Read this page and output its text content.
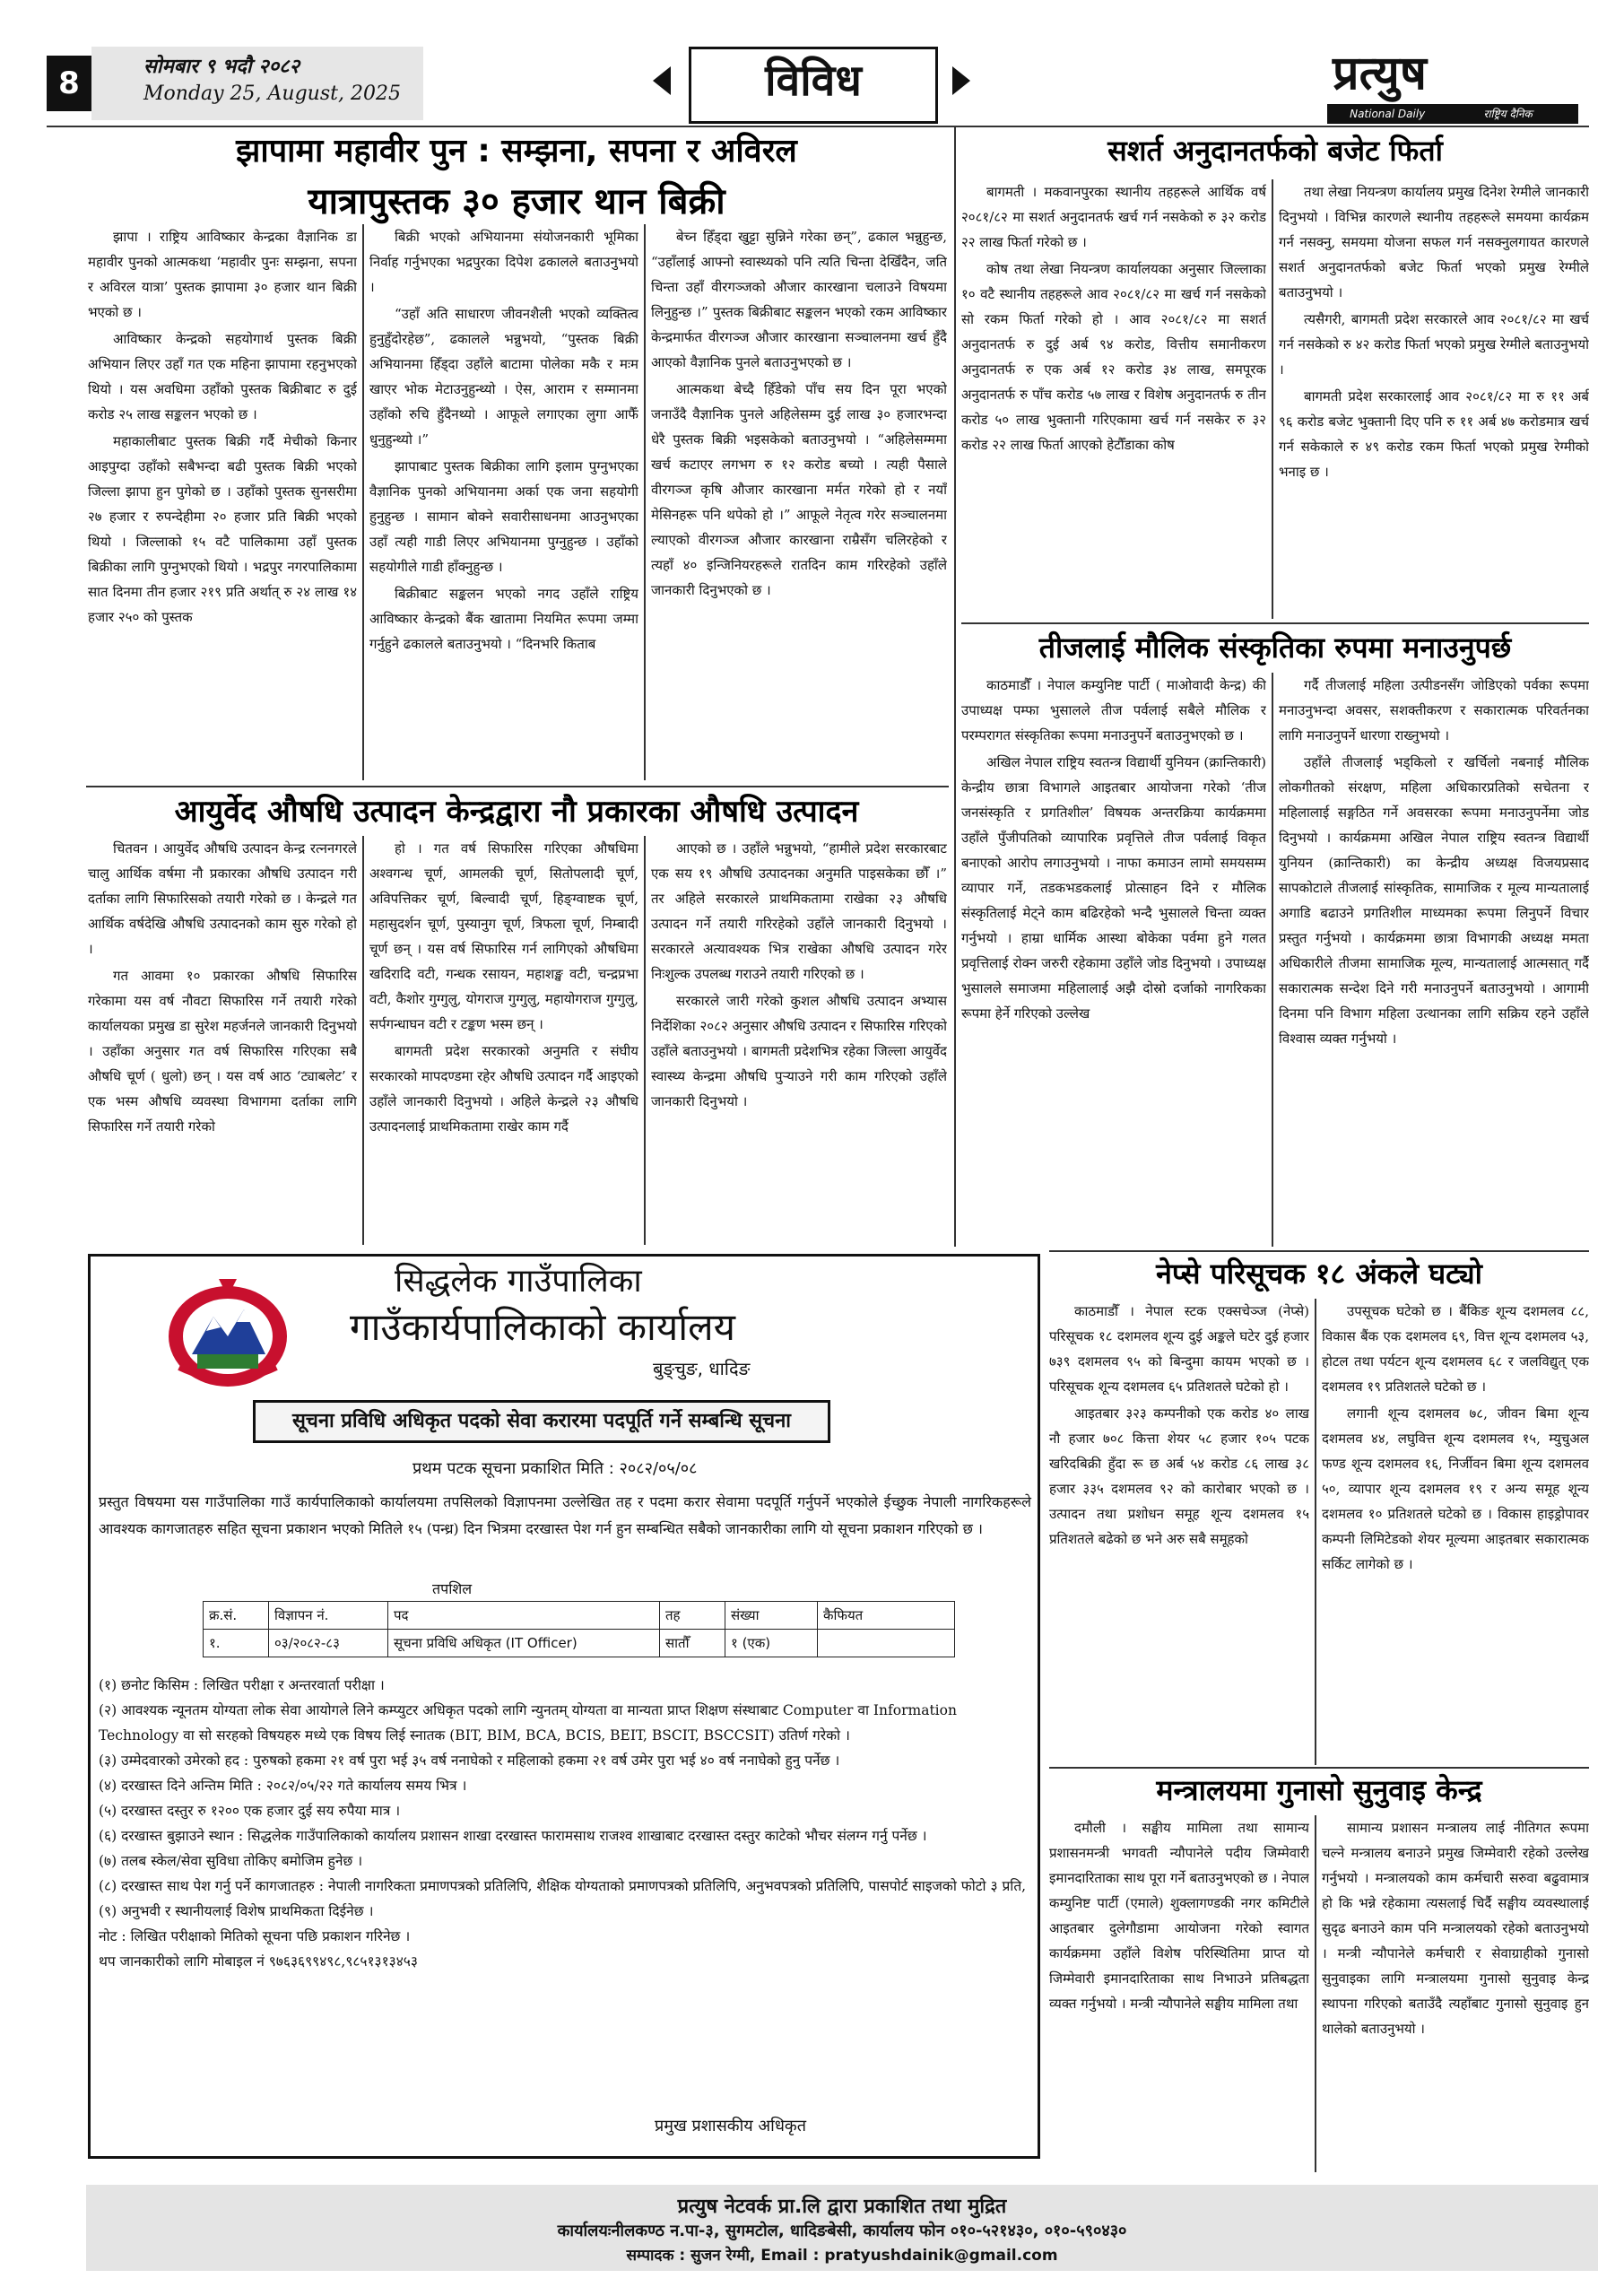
8	सोमबार ९ भदौ २०८२
Monday 25, August, 2025	विविध	प्रत्युष
National Daily	राष्ट्रिय दैनिक
झापामा महावीर पुन : सम्झना, सपना र अविरल
यात्रापुस्तक ३० हजार थान बिक्री

झापा । राष्ट्रिय आविष्कार केन्द्रका वैज्ञानिक डा महावीर पुनको आत्मकथा ‘महावीर पुनः सम्झना, सपना र अविरल यात्रा’ पुस्तक झापामा ३० हजार थान बिक्री भएको छ ।

आविष्कार केन्द्रको सहयोगार्थ पुस्तक बिक्री अभियान लिएर उहाँ गत एक महिना झापामा रहनुभएको थियो । यस अवधिमा उहाँको पुस्तक बिक्रीबाट रु दुई करोड २५ लाख सङ्कलन भएको छ ।

महाकालीबाट पुस्तक बिक्री गर्दै मेचीको किनार आइपुग्दा उहाँको सबैभन्दा बढी पुस्तक बिक्री भएको जिल्ला झापा हुन पुगेको छ । उहाँको पुस्तक सुनसरीमा २७ हजार र रुपन्देहीमा २० हजार प्रति बिक्री भएको थियो । जिल्लाको १५ वटै पालिकामा उहाँ पुस्तक बिक्रीका लागि पुग्नुभएको थियो । भद्रपुर नगरपालिकामा सात दिनमा तीन हजार २१९ प्रति अर्थात् रु २४ लाख १४ हजार २५० को पुस्तक

बिक्री भएको अभियानमा संयोजनकारी भूमिका निर्वाह गर्नुभएका भद्रपुरका दिपेश ढकालले बताउनुभयो ।

“उहाँ अति साधारण जीवनशैली भएको व्यक्तित्व हुनुहुँदोरहेछ”, ढकालले भन्नुभयो, “पुस्तक बिक्री अभियानमा हिँड्दा उहाँले बाटामा पोलेका मकै र मःम खाएर भोक मेटाउनुहुन्थ्यो । ऐस, आराम र सम्मानमा उहाँको रुचि हुँदैनथ्यो । आफूले लगाएका लुगा आफैँ धुनुहुन्थ्यो ।”

झापाबाट पुस्तक बिक्रीका लागि इलाम पुग्नुभएका वैज्ञानिक पुनको अभियानमा अर्का एक जना सहयोगी हुनुहुन्छ । सामान बोक्ने सवारीसाधनमा आउनुभएका उहाँ त्यही गाडी लिएर अभियानमा पुग्नुहुन्छ । उहाँको सहयोगीले गाडी हाँक्नुहुन्छ ।

बिक्रीबाट सङ्कलन भएको नगद उहाँले राष्ट्रिय आविष्कार केन्द्रको बैंक खातामा नियमित रूपमा जम्मा गर्नुहुने ढकालले बताउनुभयो । “दिनभरि किताब

बेच्न हिँड्दा खुट्टा सुन्निने गरेका छन्”, ढकाल भन्नुहुन्छ, “उहाँलाई आफ्नो स्वास्थ्यको पनि त्यति चिन्ता देखिँदैन, जति चिन्ता उहाँ वीरगञ्जको औजार कारखाना चलाउने विषयमा लिनुहुन्छ ।” पुस्तक बिक्रीबाट सङ्कलन भएको रकम आविष्कार केन्द्रमार्फत वीरगञ्ज औजार कारखाना सञ्चालनमा खर्च हुँदै आएको वैज्ञानिक पुनले बताउनुभएको छ ।

आत्मकथा बेच्दै हिँडेको पाँच सय दिन पूरा भएको जनाउँदै वैज्ञानिक पुनले अहिलेसम्म दुई लाख ३० हजारभन्दा धेरै पुस्तक बिक्री भइसकेको बताउनुभयो । “अहिलेसम्ममा खर्च कटाएर लगभग रु १२ करोड बच्यो । त्यही पैसाले वीरगञ्ज कृषि औजार कारखाना मर्मत गरेको हो र नयाँ मेसिनहरू पनि थपेको हो ।” आफूले नेतृत्व गरेर सञ्चालनमा ल्याएको वीरगञ्ज औजार कारखाना राम्रैसँग चलिरहेको र त्यहाँ ४० इन्जिनियरहरूले रातदिन काम गरिरहेको उहाँले जानकारी दिनुभएको छ ।

सशर्त अनुदानतर्फको बजेट फिर्ता

बागमती । मकवानपुरका स्थानीय तहहरूले आर्थिक वर्ष २०८१/८२ मा सशर्त अनुदानतर्फ खर्च गर्न नसकेको रु ३२ करोड २२ लाख फिर्ता गरेको छ ।

कोष तथा लेखा नियन्त्रण कार्यालयका अनुसार जिल्लाका १० वटै स्थानीय तहहरूले आव २०८१/८२ मा खर्च गर्न नसकेको सो रकम फिर्ता गरेको हो । आव २०८१/८२ मा सशर्त अनुदानतर्फ रु दुई अर्ब ९४ करोड, वित्तीय समानीकरण अनुदानतर्फ रु एक अर्ब १२ करोड ३४ लाख, समपूरक अनुदानतर्फ रु पाँच करोड ५७ लाख र विशेष अनुदानतर्फ रु तीन करोड ५० लाख भुक्तानी गरिएकामा खर्च गर्न नसकेर रु ३२ करोड २२ लाख फिर्ता आएको हेटौँडाका कोष

तथा लेखा नियन्त्रण कार्यालय प्रमुख दिनेश रेग्मीले जानकारी दिनुभयो । विभिन्न कारणले स्थानीय तहहरूले समयमा कार्यक्रम गर्न नसक्नु, समयमा योजना सफल गर्न नसक्नुलगायत कारणले सशर्त अनुदानतर्फको बजेट फिर्ता भएको प्रमुख रेग्मीले बताउनुभयो ।

त्यसैगरी, बागमती प्रदेश सरकारले आव २०८१/८२ मा खर्च गर्न नसकेको रु ४२ करोड फिर्ता भएको प्रमुख रेग्मीले बताउनुभयो ।

बागमती प्रदेश सरकारलाई आव २०८१/८२ मा रु ११ अर्ब ९६ करोड बजेट भुक्तानी दिए पनि रु ११ अर्ब ४७ करोडमात्र खर्च गर्न सकेकाले रु ४९ करोड रकम फिर्ता भएको प्रमुख रेग्मीको भनाइ छ ।

तीजलाई मौलिक संस्कृतिका रुपमा मनाउनुपर्छ

काठमाडौँ । नेपाल कम्युनिष्ट पार्टी ( माओवादी केन्द्र) की उपाध्यक्ष पम्फा भुसालले तीज पर्वलाई सबैले मौलिक र परम्परागत संस्कृतिका रूपमा मनाउनुपर्ने बताउनुभएको छ ।

अखिल नेपाल राष्ट्रिय स्वतन्त्र विद्यार्थी युनियन (क्रान्तिकारी) केन्द्रीय छात्रा विभागले आइतबार आयोजना गरेको ‘तीज जनसंस्कृति र प्रगतिशील’ विषयक अन्तरक्रिया कार्यक्रममा उहाँले पुँजीपतिको व्यापारिक प्रवृत्तिले तीज पर्वलाई विकृत बनाएको आरोप लगाउनुभयो । नाफा कमाउन लामो समयसम्म व्यापार गर्ने, तडकभडकलाई प्रोत्साहन दिने र मौलिक संस्कृतिलाई मेट्ने काम बढिरहेको भन्दै भुसालले चिन्ता व्यक्त गर्नुभयो । हाम्रा धार्मिक आस्था बोकेका पर्वमा हुने गलत प्रवृत्तिलाई रोक्न जरुरी रहेकामा उहाँले जोड दिनुभयो । उपाध्यक्ष भुसालले समाजमा महिलालाई अझै दोस्रो दर्जाको नागरिकका रूपमा हेर्ने गरिएको उल्लेख

गर्दै तीजलाई महिला उत्पीडनसँग जोडिएको पर्वका रूपमा मनाउनुभन्दा अवसर, सशक्तीकरण र सकारात्मक परिवर्तनका लागि मनाउनुपर्ने धारणा राख्नुभयो ।

उहाँले तीजलाई भड्किलो र खर्चिलो नबनाई मौलिक लोकगीतको संरक्षण, महिला अधिकारप्रतिको सचेतना र महिलालाई सङ्गठित गर्ने अवसरका रूपमा मनाउनुपर्नेमा जोड दिनुभयो । कार्यक्रममा अखिल नेपाल राष्ट्रिय स्वतन्त्र विद्यार्थी युनियन (क्रान्तिकारी) का केन्द्रीय अध्यक्ष विजयप्रसाद सापकोटाले तीजलाई सांस्कृतिक, सामाजिक र मूल्य मान्यतालाई अगाडि बढाउने प्रगतिशील माध्यमका रूपमा लिनुपर्ने विचार प्रस्तुत गर्नुभयो । कार्यक्रममा छात्रा विभागकी अध्यक्ष ममता अधिकारीले तीजमा सामाजिक मूल्य, मान्यतालाई आत्मसात् गर्दै सकारात्मक सन्देश दिने गरी मनाउनुपर्ने बताउनुभयो । आगामी दिनमा पनि विभाग महिला उत्थानका लागि सक्रिय रहने उहाँले विश्वास व्यक्त गर्नुभयो ।

आयुर्वेद औषधि उत्पादन केन्द्रद्वारा नौ प्रकारका औषधि उत्पादन

चितवन । आयुर्वेद औषधि उत्पादन केन्द्र रत्ननगरले चालु आर्थिक वर्षमा नौ प्रकारका औषधि उत्पादन गरी दर्ताका लागि सिफारिसको तयारी गरेको छ । केन्द्रले गत आर्थिक वर्षदेखि औषधि उत्पादनको काम सुरु गरेको हो ।

गत आवमा १० प्रकारका औषधि सिफारिस गरेकामा यस वर्ष नौवटा सिफारिस गर्ने तयारी गरेको कार्यालयका प्रमुख डा सुरेश महर्जनले जानकारी दिनुभयो । उहाँका अनुसार गत वर्ष सिफारिस गरिएका सबै औषधि चूर्ण ( धुलो) छन् । यस वर्ष आठ ‘ट्याबलेट’ र एक भस्म औषधि व्यवस्था विभागमा दर्ताका लागि सिफारिस गर्ने तयारी गरेको

हो । गत वर्ष सिफारिस गरिएका औषधिमा अश्वगन्ध चूर्ण, आमलकी चूर्ण, सितोपलादी चूर्ण, अविपत्तिकर चूर्ण, बिल्वादी चूर्ण, हिङ्ग्वाष्टक चूर्ण, महासुदर्शन चूर्ण, पुस्यानुग चूर्ण, त्रिफला चूर्ण, निम्बादी चूर्ण छन् । यस वर्ष सिफारिस गर्न लागिएको औषधिमा खदिरादि वटी, गन्धक रसायन, महाशङ्ख वटी, चन्द्रप्रभा वटी, कैशोर गुग्गुलु, योगराज गुग्गुलु, महायोगराज गुग्गुलु, सर्पगन्धाघन वटी र टङ्कण भस्म छन् ।

बागमती प्रदेश सरकारको अनुमति र संघीय सरकारको मापदण्डमा रहेर औषधि उत्पादन गर्दै आइएको उहाँले जानकारी दिनुभयो । अहिले केन्द्रले २३ औषधि उत्पादनलाई प्राथमिकतामा राखेर काम गर्दै

आएको छ । उहाँले भन्नुभयो, “हामीले प्रदेश सरकारबाट एक सय १९ औषधि उत्पादनका अनुमति पाइसकेका छौँ ।” तर अहिले सरकारले प्राथमिकतामा राखेका २३ औषधि उत्पादन गर्ने तयारी गरिरहेको उहाँले जानकारी दिनुभयो । सरकारले अत्यावश्यक भित्र राखेका औषधि उत्पादन गरेर निःशुल्क उपलब्ध गराउने तयारी गरिएको छ ।

सरकारले जारी गरेको कुशल औषधि उत्पादन अभ्यास निर्देशिका २०८२ अनुसार औषधि उत्पादन र सिफारिस गरिएको उहाँले बताउनुभयो । बागमती प्रदेशभित्र रहेका जिल्ला आयुर्वेद स्वास्थ्य केन्द्रमा औषधि पुर्‍याउने गरी काम गरिएको उहाँले जानकारी दिनुभयो ।

नेप्से परिसूचक १८ अंकले घट्यो

काठमाडौँ । नेपाल स्टक एक्सचेञ्ज (नेप्से) परिसूचक १८ दशमलव शून्य दुई अङ्कले घटेर दुई हजार ७३९ दशमलव ९५ को बिन्दुमा कायम भएको छ । परिसूचक शून्य दशमलव ६५ प्रतिशतले घटेको हो ।

आइतबार ३२३ कम्पनीको एक करोड ४० लाख नौ हजार ७०८ कित्ता शेयर ५८ हजार १०५ पटक खरिदबिक्री हुँदा रू छ अर्ब ५४ करोड ८६ लाख ३८ हजार ३३५ दशमलव ९२ को कारोबार भएको छ । उत्पादन तथा प्रशोधन समूह शून्य दशमलव १५ प्रतिशतले बढेको छ भने अरु सबै समूहको

उपसूचक घटेको छ । बैंकिङ शून्य दशमलव ८८, विकास बैंक एक दशमलव ६९, वित्त शून्य दशमलव ५३, होटल तथा पर्यटन शून्य दशमलव ६८ र जलविद्युत् एक दशमलव १९ प्रतिशतले घटेको छ ।

लगानी शून्य दशमलव ७८, जीवन बिमा शून्य दशमलव ४४, लघुवित्त शून्य दशमलव १५, म्युचुअल फण्ड शून्य दशमलव १६, निर्जीवन बिमा शून्य दशमलव ५०, व्यापार शून्य दशमलव १९ र अन्य समूह शून्य दशमलव १० प्रतिशतले घटेको छ । विकास हाइड्रोपावर कम्पनी लिमिटेडको शेयर मूल्यमा आइतबार सकारात्मक सर्किट लागेको छ ।

मन्त्रालयमा गुनासो सुनुवाइ केन्द्र

दमौली । सङ्घीय मामिला तथा सामान्य प्रशासनमन्त्री भगवती न्यौपानेले पदीय जिम्मेवारी इमानदारिताका साथ पूरा गर्ने बताउनुभएको छ । नेपाल कम्युनिष्ट पार्टी (एमाले) शुक्लागण्डकी नगर कमिटीले आइतबार दुलेगौडामा आयोजना गरेको स्वागत कार्यक्रममा उहाँले विशेष परिस्थितिमा प्राप्त यो जिम्मेवारी इमानदारिताका साथ निभाउने प्रतिबद्धता व्यक्त गर्नुभयो । मन्त्री न्यौपानेले सङ्घीय मामिला तथा

सामान्य प्रशासन मन्त्रालय लाई नीतिगत रूपमा चल्ने मन्त्रालय बनाउने प्रमुख जिम्मेवारी रहेको उल्लेख गर्नुभयो । मन्त्रालयको काम कर्मचारी सरुवा बढुवामात्र हो कि भन्ने रहेकामा त्यसलाई चिर्दै सङ्घीय व्यवस्थालाई सुदृढ बनाउने काम पनि मन्त्रालयको रहेको बताउनुभयो । मन्त्री न्यौपानेले कर्मचारी र सेवाग्राहीको गुनासो सुनुवाइका लागि मन्त्रालयमा गुनासो सुनुवाइ केन्द्र स्थापना गरिएको बताउँदै त्यहाँबाट गुनासो सुनुवाइ हुन थालेको बताउनुभयो ।

सिद्धलेक गाउँपालिका
गाउँकार्यपालिकाको कार्यालय
बुङ्चुङ, धादिङ
सूचना प्रविधि अधिकृत पदको सेवा करारमा पदपूर्ति गर्ने सम्बन्धि सूचना
प्रथम पटक सूचना प्रकाशित मिति : २०८२/०५/०८
प्रस्तुत विषयमा यस गाउँपालिका गाउँ कार्यपालिकाको कार्यालयमा तपसिलको विज्ञापनमा उल्लेखित तह र पदमा करार सेवामा पदपूर्ति गर्नुपर्ने भएकोले ईच्छुक नेपाली नागरिकहरूले आवश्यक कागजातहरु सहित सूचना प्रकाशन भएको मितिले १५ (पन्ध्र) दिन भित्रमा दरखास्त पेश गर्न हुन सम्बन्धित सबैको जानकारीका लागि यो सूचना प्रकाशन गरिएको छ ।
तपशिल
क्र.सं.	विज्ञापन नं.	पद	तह	संख्या	कैफियत
१.	०३/२०८२-८३	सूचना प्रविधि अधिकृत (IT Officer)	सातौँ	१ (एक)	
(१) छनोट किसिम : लिखित परीक्षा र अन्तरवार्ता परीक्षा ।
(२) आवश्यक न्यूनतम योग्यता लोक सेवा आयोगले लिने कम्प्युटर अधिकृत पदको लागि न्युनतम् योग्यता वा मान्यता प्राप्त शिक्षण संस्थाबाट Computer वा Information Technology वा सो सरहको विषयहरु मध्ये एक विषय लिई स्नातक (BIT, BIM, BCA, BCIS, BEIT, BSCIT, BSCCSIT) उतिर्ण गरेको ।
(३) उम्मेदवारको उमेरको हद : पुरुषको हकमा २१ वर्ष पुरा भई ३५ वर्ष ननाघेको र महिलाको हकमा २१ वर्ष उमेर पुरा भई ४० वर्ष ननाघेको हुनु पर्नेछ ।
(४) दरखास्त दिने अन्तिम मिति : २०८२/०५/२२ गते कार्यालय समय भित्र ।
(५) दरखास्त दस्तुर रु १२०० एक हजार दुई सय रुपैया मात्र ।
(६) दरखास्त बुझाउने स्थान : सिद्धलेक गाउँपालिकाको कार्यालय प्रशासन शाखा दरखास्त फारामसाथ राजश्व शाखाबाट दरखास्त दस्तुर काटेको भौचर संलग्न गर्नु पर्नेछ ।
(७) तलब स्केल/सेवा सुविधा तोकिए बमोजिम हुनेछ ।
(८) दरखास्त साथ पेश गर्नु पर्ने कागजातहरु : नेपाली नागरिकता प्रमाणपत्रको प्रतिलिपि, शैक्षिक योग्यताको प्रमाणपत्रको प्रतिलिपि, अनुभवपत्रको प्रतिलिपि, पासपोर्ट साइजको फोटो ३ प्रति,
(९) अनुभवी र स्थानीयलाई विशेष प्राथमिकता दिईनेछ ।
नोट : लिखित परीक्षाको मितिको सूचना पछि प्रकाशन गरिनेछ ।
थप जानकारीको लागि मोबाइल नं ९७६३६९९४९८,९८५१३१३४५३
प्रमुख प्रशासकीय अधिकृत
प्रत्युष नेटवर्क प्रा.लि द्वारा प्रकाशित तथा मुद्रित
कार्यालयःनीलकण्ठ न.पा-३, सुगमटोल, धादिङबेसी, कार्यालय फोन ०१०-५२१४३०, ०१०-५९०४३०
सम्पादक : सुजन रेग्मी, Email : pratyushdainik@gmail.com
